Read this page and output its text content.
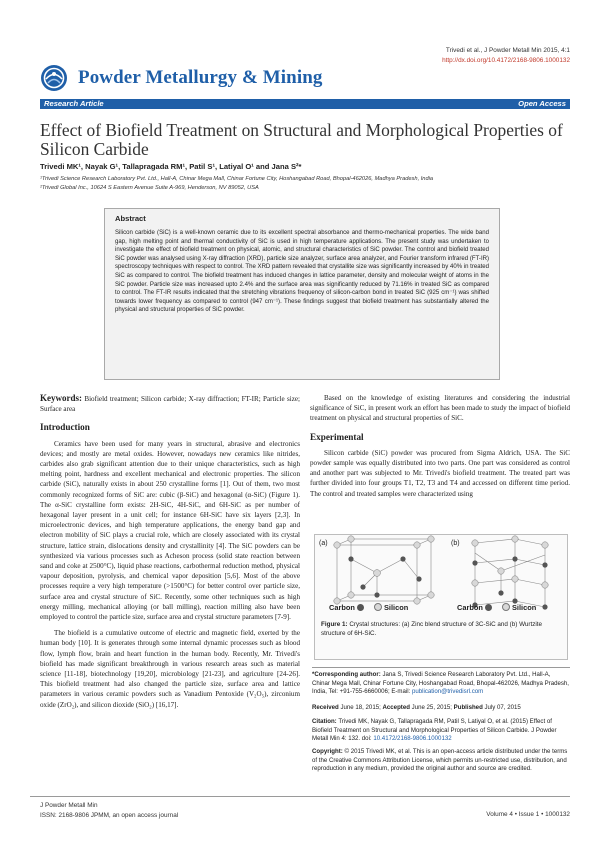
Trivedi et al., J Powder Metall Min 2015, 4:1
http://dx.doi.org/10.4172/2168-9806.1000132
Powder Metallurgy & Mining
Research Article	Open Access
Effect of Biofield Treatment on Structural and Morphological Properties of Silicon Carbide
Trivedi MK¹, Nayak G¹, Tallapragada RM¹, Patil S¹, Latiyal O¹ and Jana S²*
¹Trivedi Science Research Laboratory Pvt. Ltd., Hall-A, Chinar Mega Mall, Chinar Fortune City, Hoshangabad Road, Bhopal-462026, Madhya Pradesh, India
²Trivedi Global Inc., 10624 S Eastern Avenue Suite A-969, Henderson, NV 89052, USA
Abstract
Silicon carbide (SiC) is a well-known ceramic due to its excellent spectral absorbance and thermo-mechanical properties. The wide band gap, high melting point and thermal conductivity of SiC is used in high temperature applications. The present study was undertaken to investigate the effect of biofield treatment on physical, atomic, and structural characteristics of SiC powder. The control and biofield treated SiC powder was analysed using X-ray diffraction (XRD), particle size analyzer, surface area analyzer, and Fourier transform infrared (FT-IR) spectroscopy techniques with respect to control. The XRD pattern revealed that crystallite size was significantly increased by 40% in treated SiC as compared to control. The biofield treatment has induced changes in lattice parameter, density and molecular weight of atoms in the SiC powder. Particle size was increased upto 2.4% and the surface area was significantly reduced by 71.16% in treated SiC as compared to control. The FT-IR results indicated that the stretching vibrations frequency of silicon-carbon bond in treated SiC (925 cm⁻¹) was shifted towards lower frequency as compared to control (947 cm⁻¹). These findings suggest that biofield treatment has substantially altered the physical and structural properties of SiC powder.
Keywords: Biofield treatment; Silicon carbide; X-ray diffraction; FT-IR; Particle size; Surface area
Introduction

Ceramics have been used for many years in structural, abrasive and electronics devices; and mostly are metal oxides. However, nowadays new ceramics like nitrides, carbides also grab significant attention due to their unique characteristics, such as high melting point, hardness and excellent mechanical and electronic properties. The silicon carbide (SiC), naturally exists in about 250 crystalline forms [1]. Out of them, two most commonly recognized forms of SiC are: cubic (β-SiC) and hexagonal (α-SiC) (Figure 1). The α-SiC crystalline form exists: 2H-SiC, 4H-SiC, and 6H-SiC as per number of hexagonal layer present in a unit cell; for instance 6H-SiC have six layers [2,3]. In microelectronic devices, and high temperature applications, the energy band gap and electron mobility of SiC plays a crucial role, which are closely associated with its crystal structure, lattice strain, dislocations density and crystallinity [4]. The SiC powders can be synthesized via various processes such as Acheson process (solid state reaction between sand and coke at 2500°C), liquid phase reactions, carbothermal reduction method, physical vapour deposition, pyrolysis, and chemical vapor deposition [5,6]. Most of the above processes require a very high temperature (>1500°C) for better control over particle size, surface area and crystal structure of SiC. Recently, some other techniques such as high energy milling, mechanical alloying (or ball milling), reaction milling also have been employed to control the particle size, surface area and crystal structure parameters [7-9].

The biofield is a cumulative outcome of electric and magnetic field, exerted by the human body [10]. It is generates through some internal dynamic processes such as blood flow, lymph flow, brain and heart function in the human body. Recently, Mr. Trivedi's biofield has made significant breakthrough in various research areas such as material science [11-18], biotechnology [19,20], microbiology [21-23], and agriculture [24-26]. This biofield treatment had also changed the particle size, surface area and lattice parameters in various ceramic powders such as Vanadium Pentoxide (V₂O₅), zirconium oxide (ZrO₂), and silicon dioxide (SiO₂) [16,17].

Based on the knowledge of existing literatures and considering the industrial significance of SiC, in present work an effort has been made to study the impact of biofield treatment on physical and structural properties of SiC.

Experimental

Silicon carbide (SiC) powder was procured from Sigma Aldrich, USA. The SiC powder sample was equally distributed into two parts. One part was considered as control and another part was subjected to Mr. Trivedi's biofield treatment. The treated part was further divided into four groups T1, T2, T3 and T4 and accessed on different time period. The control and treated samples were characterized using

(a)	(b)
Carbon	Silicon	Carbon	Silicon
Figure 1: Crystal structures: (a) Zinc blend structure of 3C-SiC and (b) Wurtzite structure of 6H-SiC.
*Corresponding author: Jana S, Trivedi Science Research Laboratory Pvt. Ltd., Hall-A, Chinar Mega Mall, Chinar Fortune City, Hoshangabad Road, Bhopal-462026, Madhya Pradesh, India, Tel: +91-755-6660006; E-mail: publication@trivedisrl.com
Received June 18, 2015; Accepted June 25, 2015; Published July 07, 2015
Citation: Trivedi MK, Nayak G, Tallapragada RM, Patil S, Latiyal O, et al. (2015) Effect of Biofield Treatment on Structural and Morphological Properties of Silicon Carbide. J Powder Metall Min 4: 132. doi: 10.4172/2168-9806.1000132
Copyright: © 2015 Trivedi MK, et al. This is an open-access article distributed under the terms of the Creative Commons Attribution License, which permits un-restricted use, distribution, and reproduction in any medium, provided the original author and source are credited.
J Powder Metall Min
ISSN: 2168-9806 JPMM, an open access journal	Volume 4 • Issue 1 • 1000132
